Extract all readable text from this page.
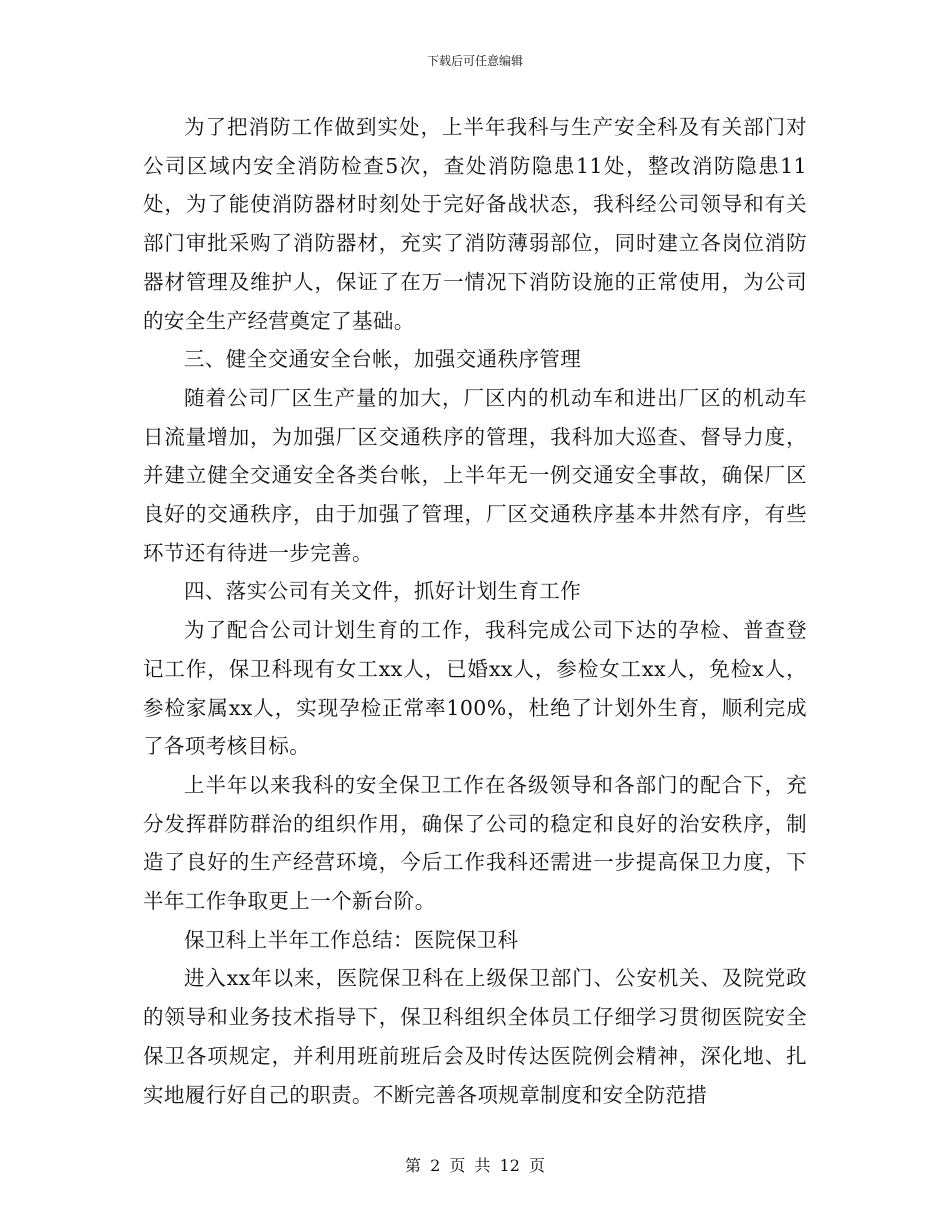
下载后可任意编辑

为了把消防工作做到实处，上半年我科与生产安全科及有关部门对公司区域内安全消防检查5次，查处消防隐患11处，整改消防隐患11处，为了能使消防器材时刻处于完好备战状态，我科经公司领导和有关部门审批采购了消防器材，充实了消防薄弱部位，同时建立各岗位消防器材管理及维护人，保证了在万一情况下消防设施的正常使用，为公司的安全生产经营奠定了基础。

三、健全交通安全台帐，加强交通秩序管理

随着公司厂区生产量的加大，厂区内的机动车和进出厂区的机动车日流量增加，为加强厂区交通秩序的管理，我科加大巡查、督导力度，并建立健全交通安全各类台帐，上半年无一例交通安全事故，确保厂区良好的交通秩序，由于加强了管理，厂区交通秩序基本井然有序，有些环节还有待进一步完善。

四、落实公司有关文件，抓好计划生育工作

为了配合公司计划生育的工作，我科完成公司下达的孕检、普查登记工作，保卫科现有女工xx人，已婚xx人，参检女工xx人，免检x人，参检家属xx人，实现孕检正常率100%，杜绝了计划外生育，顺利完成了各项考核目标。

上半年以来我科的安全保卫工作在各级领导和各部门的配合下，充分发挥群防群治的组织作用，确保了公司的稳定和良好的治安秩序，制造了良好的生产经营环境，今后工作我科还需进一步提高保卫力度，下半年工作争取更上一个新台阶。

保卫科上半年工作总结：医院保卫科

进入xx年以来，医院保卫科在上级保卫部门、公安机关、及院党政的领导和业务技术指导下，保卫科组织全体员工仔细学习贯彻医院安全保卫各项规定，并利用班前班后会及时传达医院例会精神，深化地、扎实地履行好自己的职责。不断完善各项规章制度和安全防范措

第 2 页 共 12 页
